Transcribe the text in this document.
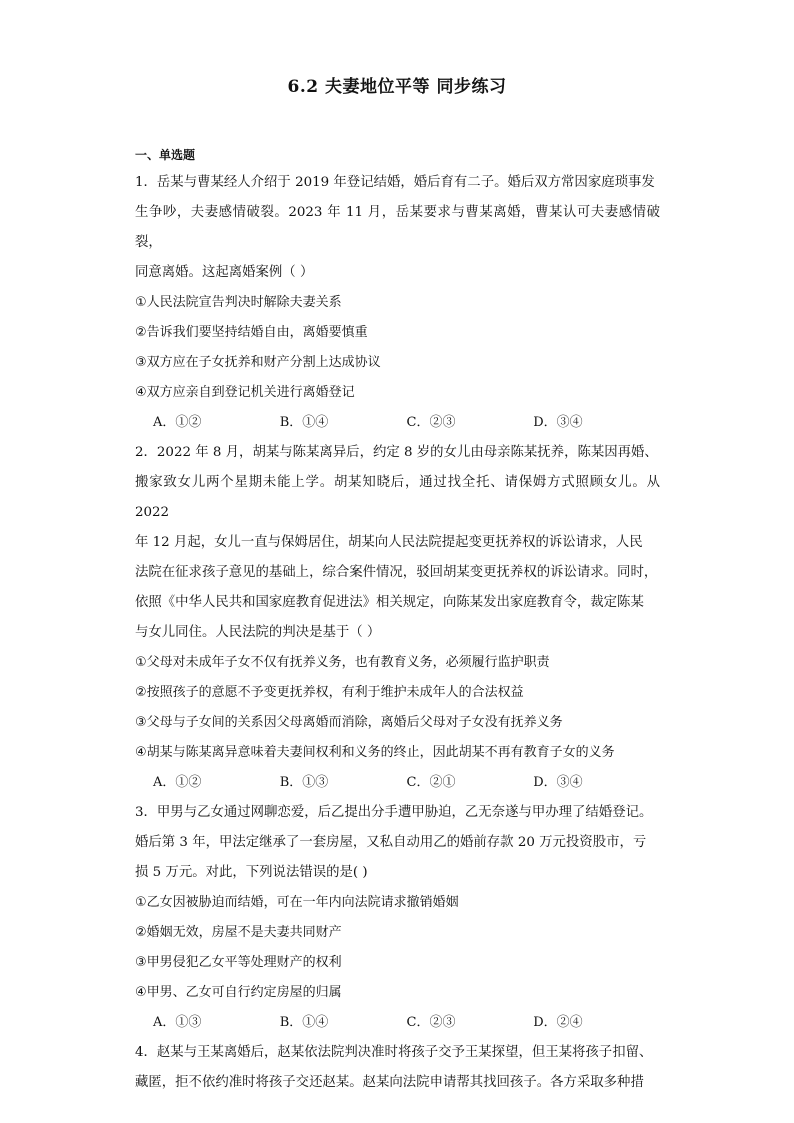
6.2 夫妻地位平等 同步练习
一、单选题

1．岳某与曹某经人介绍于 2019 年登记结婚，婚后育有二子。婚后双方常因家庭琐事发

生争吵，夫妻感情破裂。2023 年 11 月，岳某要求与曹某离婚，曹某认可夫妻感情破裂，

同意离婚。这起离婚案例（ ）

①人民法院宣告判决时解除夫妻关系

②告诉我们要坚持结婚自由，离婚要慎重

③双方应在子女抚养和财产分割上达成协议

④双方应亲自到登记机关进行离婚登记

A．①②	B．①④	C．②③	D．③④

2．2022 年 8 月，胡某与陈某离异后，约定 8 岁的女儿由母亲陈某抚养，陈某因再婚、

搬家致女儿两个星期未能上学。胡某知晓后，通过找全托、请保姆方式照顾女儿。从 2022

年 12 月起，女儿一直与保姆居住，胡某向人民法院提起变更抚养权的诉讼请求，人民

法院在征求孩子意见的基础上，综合案件情况，驳回胡某变更抚养权的诉讼请求。同时，

依照《中华人民共和国家庭教育促进法》相关规定，向陈某发出家庭教育令，裁定陈某

与女儿同住。人民法院的判决是基于（ ）

①父母对未成年子女不仅有抚养义务，也有教育义务，必须履行监护职责

②按照孩子的意愿不予变更抚养权，有利于维护未成年人的合法权益

③父母与子女间的关系因父母离婚而消除，离婚后父母对子女没有抚养义务

④胡某与陈某离异意味着夫妻间权利和义务的终止，因此胡某不再有教育子女的义务

A．①②	B．①③	C．②①	D．③④

3．甲男与乙女通过网聊恋爱，后乙提出分手遭甲胁迫，乙无奈遂与甲办理了结婚登记。

婚后第 3 年，甲法定继承了一套房屋，又私自动用乙的婚前存款 20 万元投资股市，亏

损 5 万元。对此，下列说法错误的是( )

①乙女因被胁迫而结婚，可在一年内向法院请求撤销婚姻

②婚姻无效，房屋不是夫妻共同财产

③甲男侵犯乙女平等处理财产的权利

④甲男、乙女可自行约定房屋的归属

A．①③	B．①④	C．②③	D．②④

4．赵某与王某离婚后，赵某依法院判决准时将孩子交予王某探望，但王某将孩子扣留、

藏匿，拒不依约准时将孩子交还赵某。赵某向法院申请帮其找回孩子。各方采取多种措
